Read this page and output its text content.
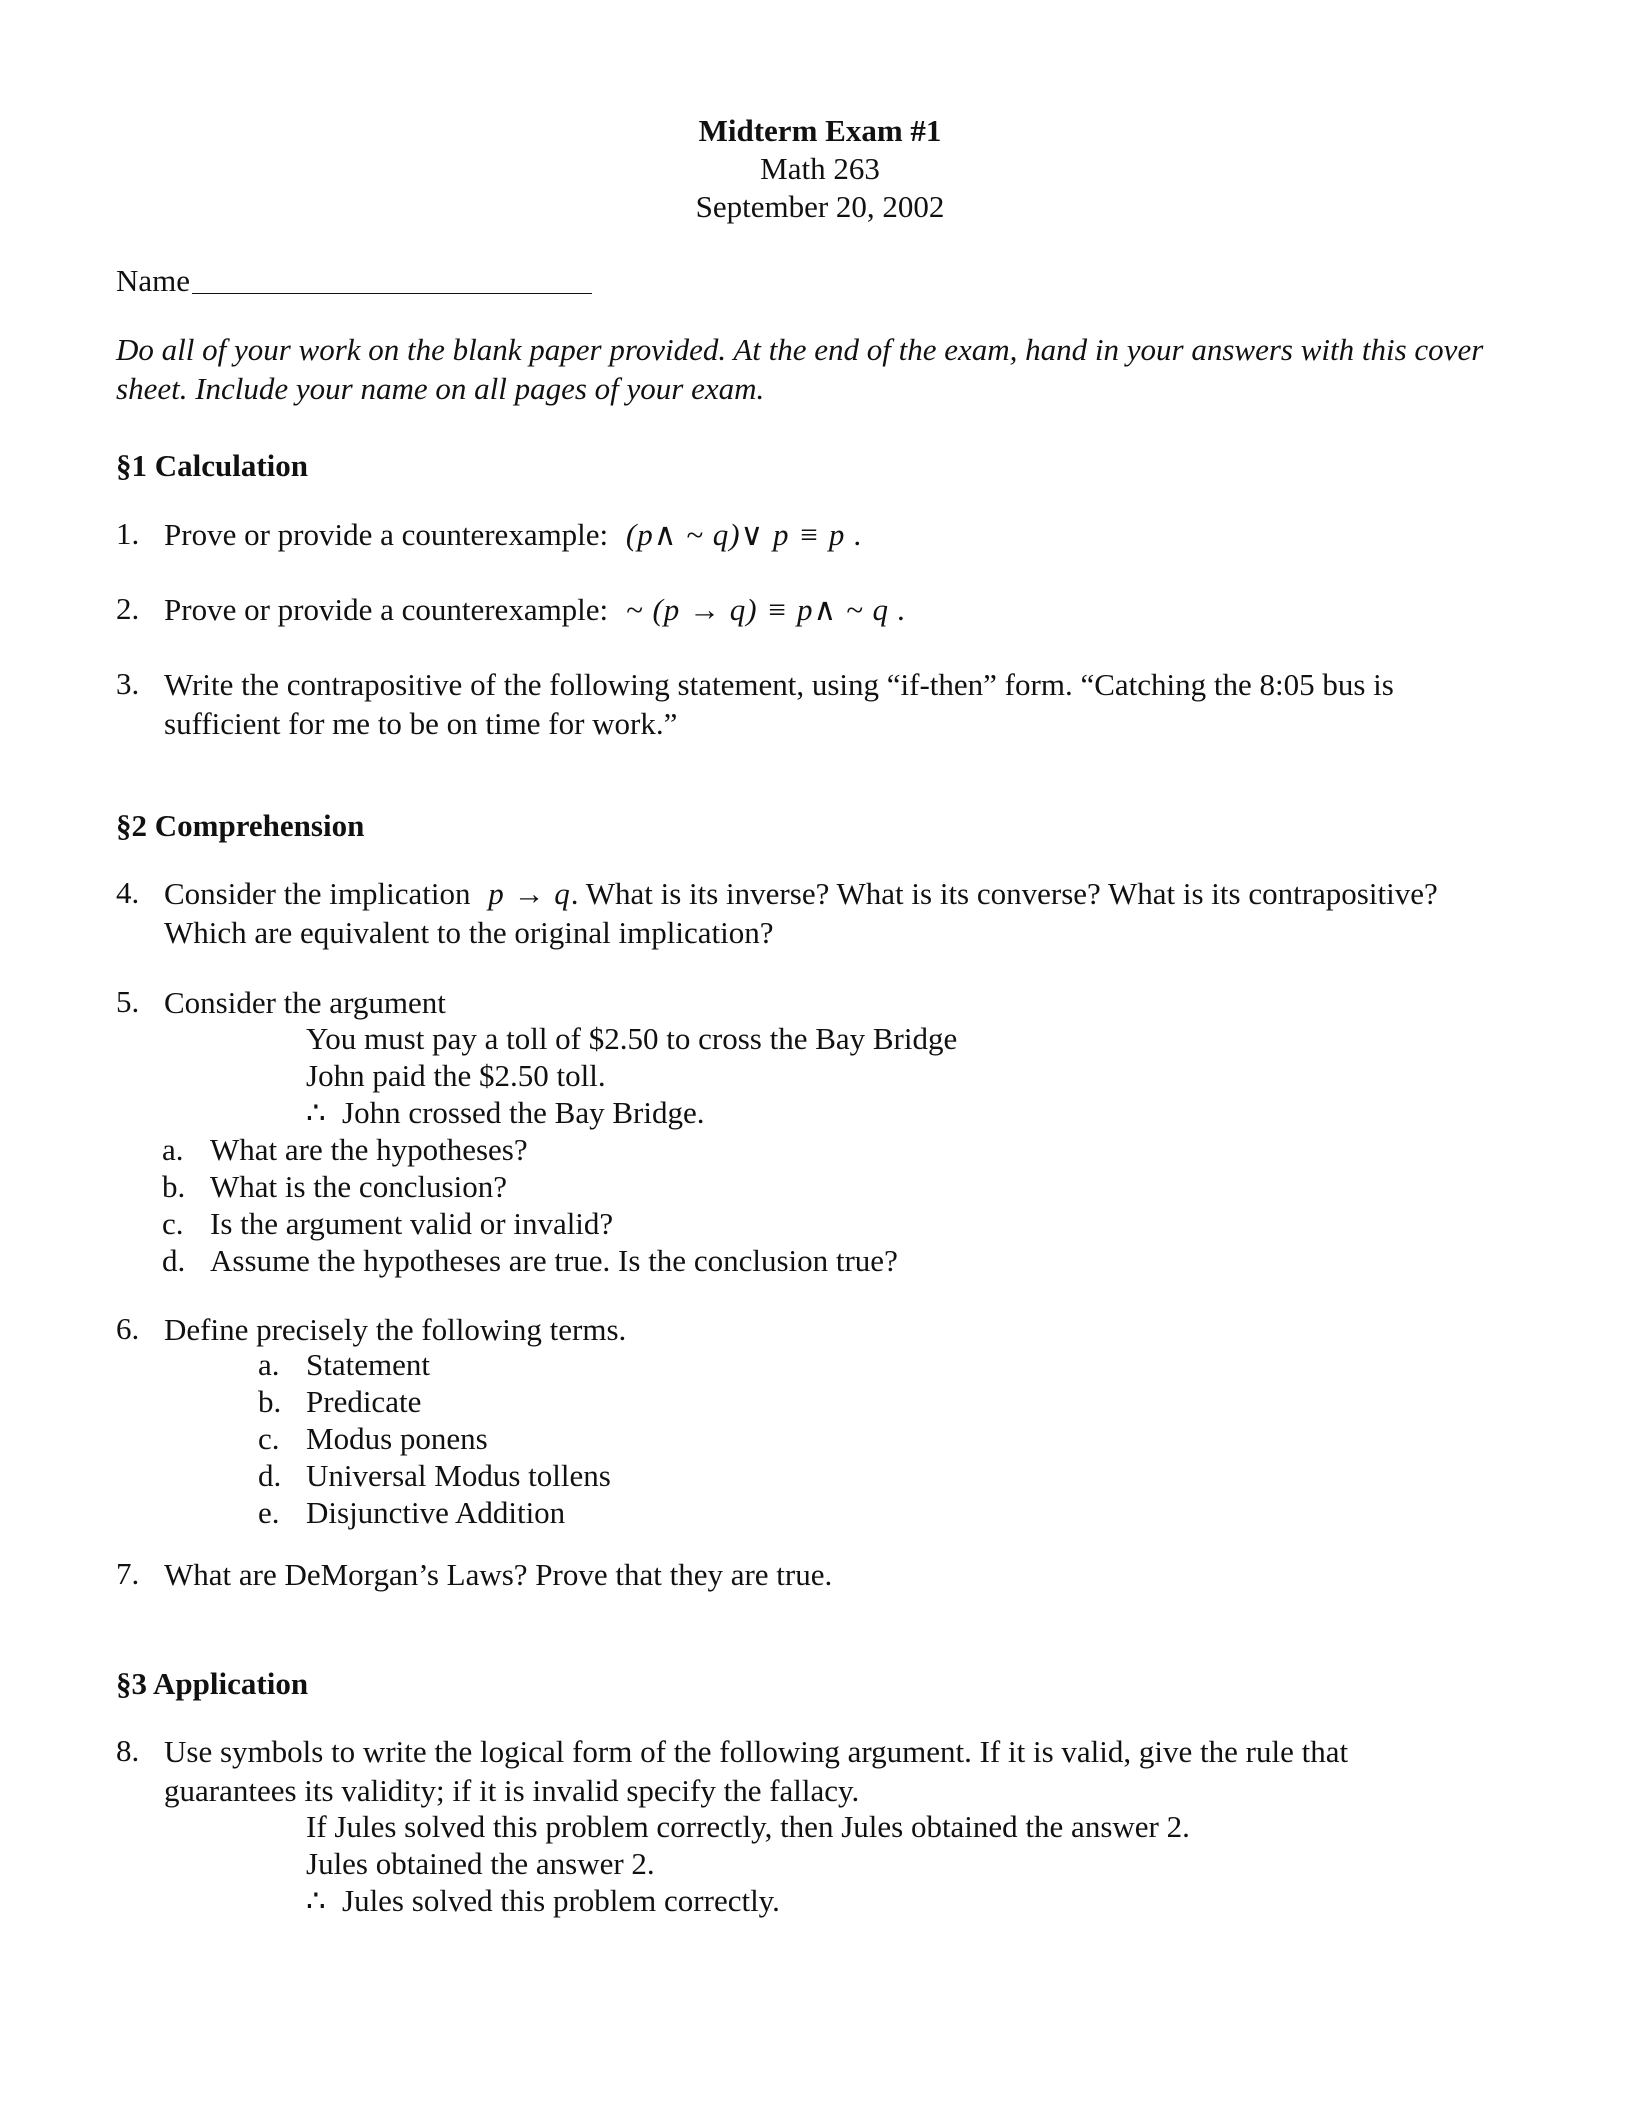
Midterm Exam #1
Math 263
September 20, 2002
Name
Do all of your work on the blank paper provided. At the end of the exam, hand in your answers with this cover sheet. Include your name on all pages of your exam.
§1 Calculation
1. Prove or provide a counterexample: (p∧ ~ q)∨ p ≡ p .
2. Prove or provide a counterexample: ~ (p → q) ≡ p∧ ~ q .
3. Write the contrapositive of the following statement, using “if-then” form. “Catching the 8:05 bus is sufficient for me to be on time for work.”
§2 Comprehension
4. Consider the implication p → q. What is its inverse? What is its converse? What is its contrapositive? Which are equivalent to the original implication?
5. Consider the argument
You must pay a toll of $2.50 to cross the Bay Bridge
John paid the $2.50 toll.
∴ John crossed the Bay Bridge.
a. What are the hypotheses?
b. What is the conclusion?
c. Is the argument valid or invalid?
d. Assume the hypotheses are true. Is the conclusion true?
6. Define precisely the following terms.
a. Statement
b. Predicate
c. Modus ponens
d. Universal Modus tollens
e. Disjunctive Addition
7. What are DeMorgan’s Laws? Prove that they are true.
§3 Application
8. Use symbols to write the logical form of the following argument. If it is valid, give the rule that guarantees its validity; if it is invalid specify the fallacy.
If Jules solved this problem correctly, then Jules obtained the answer 2.
Jules obtained the answer 2.
∴ Jules solved this problem correctly.
